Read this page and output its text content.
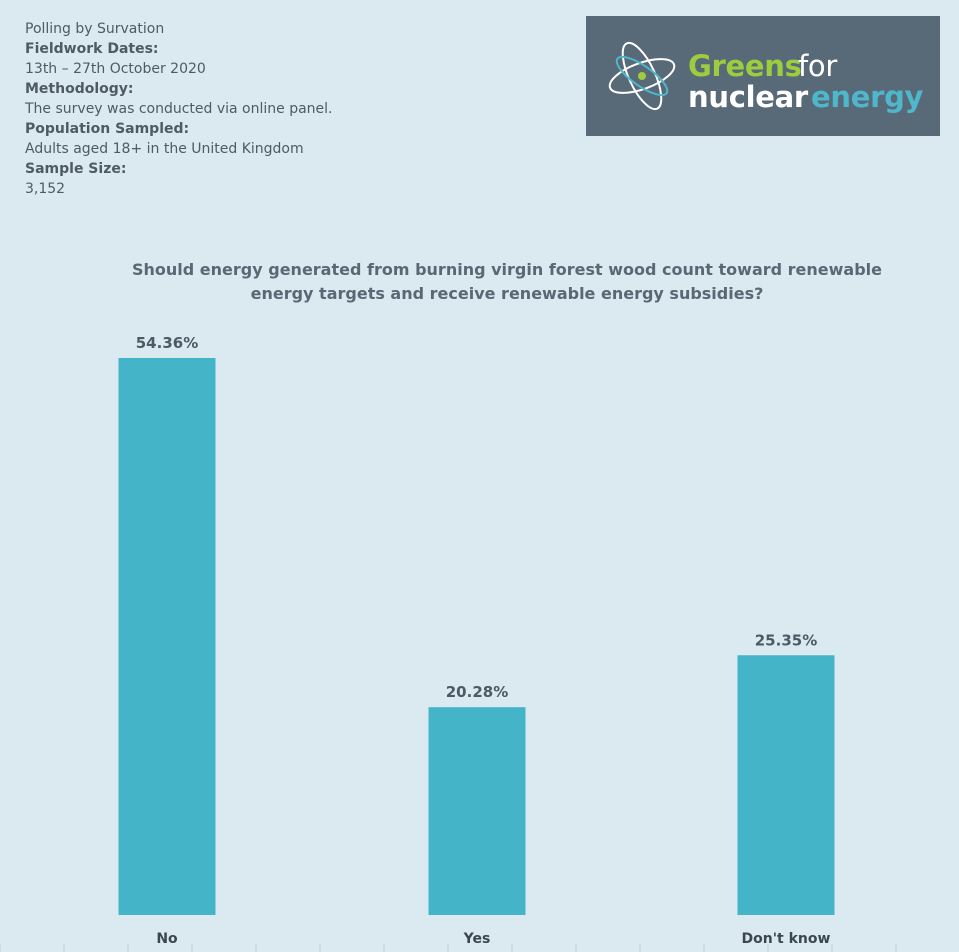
Polling by Survation
Fieldwork Dates:
13th – 27th October 2020
Methodology:
The survey was conducted via online panel.
Population Sampled:
Adults aged 18+ in the United Kingdom
Sample Size:
3,152
Greens
for
nuclear energy
Should energy generated from burning virgin forest wood count toward renewable energy targets and receive renewable energy subsidies?
54.36%
No
20.28%
Yes
25.35%
Don't know
